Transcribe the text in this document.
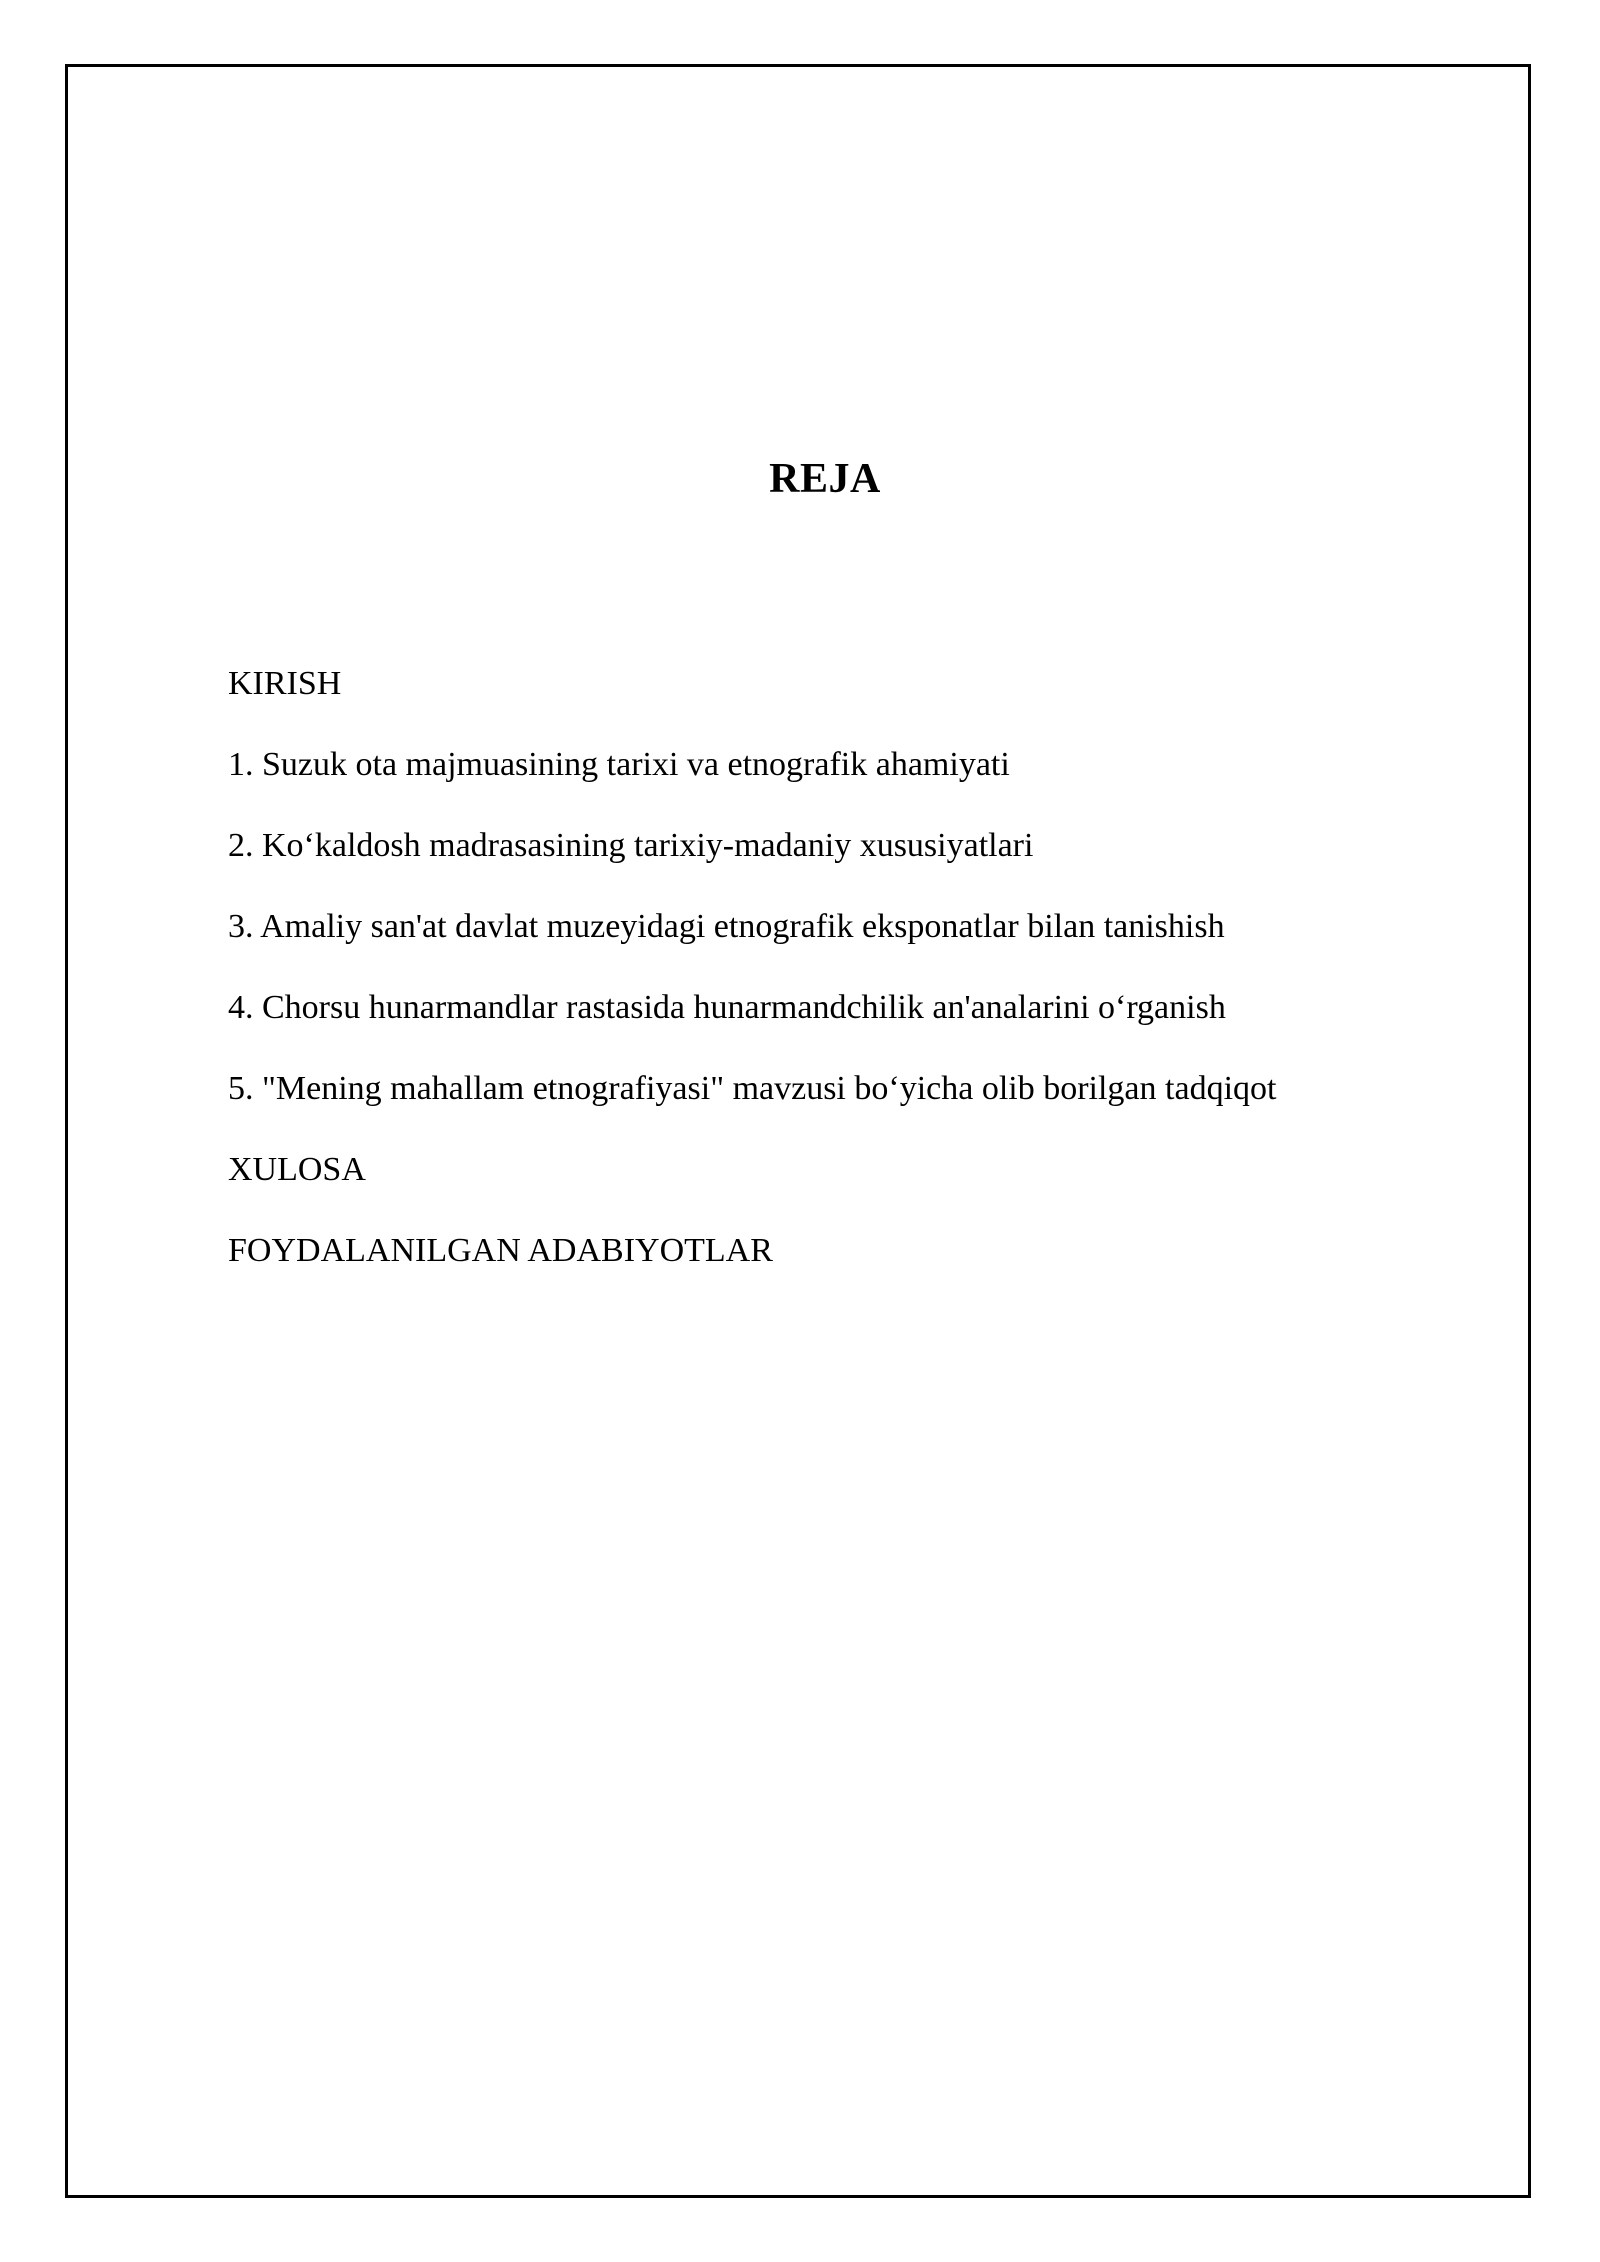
REJA
KIRISH
1. Suzuk ota majmuasining tarixi va etnografik ahamiyati
2. Ko‘kaldosh madrasasining tarixiy-madaniy xususiyatlari
3. Amaliy san'at davlat muzeyidagi etnografik eksponatlar bilan tanishish
4. Chorsu hunarmandlar rastasida hunarmandchilik an'analarini o‘rganish
5. "Mening mahallam etnografiyasi" mavzusi bo‘yicha olib borilgan tadqiqot
XULOSA
FOYDALANILGAN ADABIYOTLAR
